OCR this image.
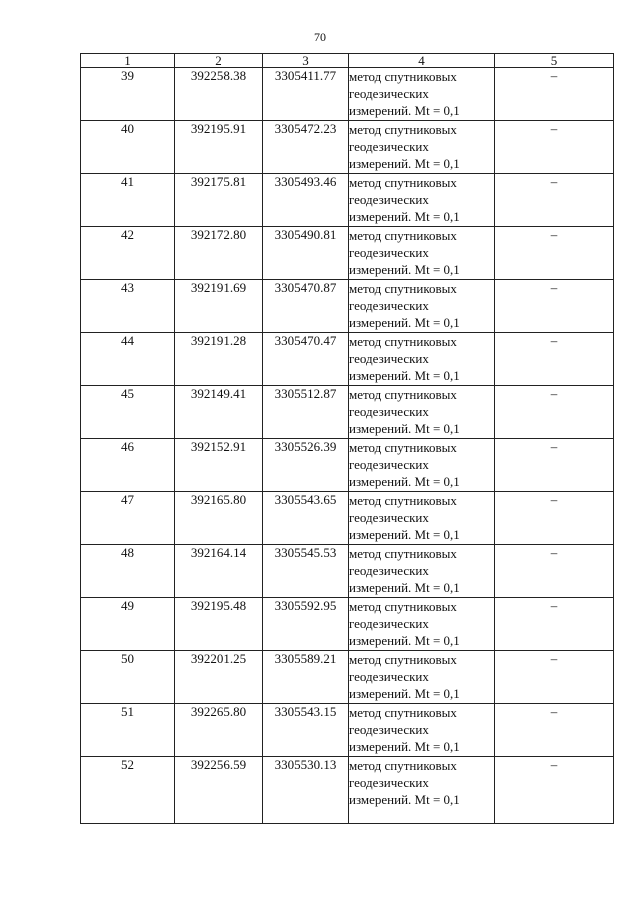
70
1	2	3	4	5
39	392258.38	3305411.77	метод спутниковых
геодезических
измерений. Mt = 0,1	–
40	392195.91	3305472.23	метод спутниковых
геодезических
измерений. Mt = 0,1	–
41	392175.81	3305493.46	метод спутниковых
геодезических
измерений. Mt = 0,1	–
42	392172.80	3305490.81	метод спутниковых
геодезических
измерений. Mt = 0,1	–
43	392191.69	3305470.87	метод спутниковых
геодезических
измерений. Mt = 0,1	–
44	392191.28	3305470.47	метод спутниковых
геодезических
измерений. Mt = 0,1	–
45	392149.41	3305512.87	метод спутниковых
геодезических
измерений. Mt = 0,1	–
46	392152.91	3305526.39	метод спутниковых
геодезических
измерений. Mt = 0,1	–
47	392165.80	3305543.65	метод спутниковых
геодезических
измерений. Mt = 0,1	–
48	392164.14	3305545.53	метод спутниковых
геодезических
измерений. Mt = 0,1	–
49	392195.48	3305592.95	метод спутниковых
геодезических
измерений. Mt = 0,1	–
50	392201.25	3305589.21	метод спутниковых
геодезических
измерений. Mt = 0,1	–
51	392265.80	3305543.15	метод спутниковых
геодезических
измерений. Mt = 0,1	–
52	392256.59	3305530.13	метод спутниковых
геодезических
измерений. Mt = 0,1	–
